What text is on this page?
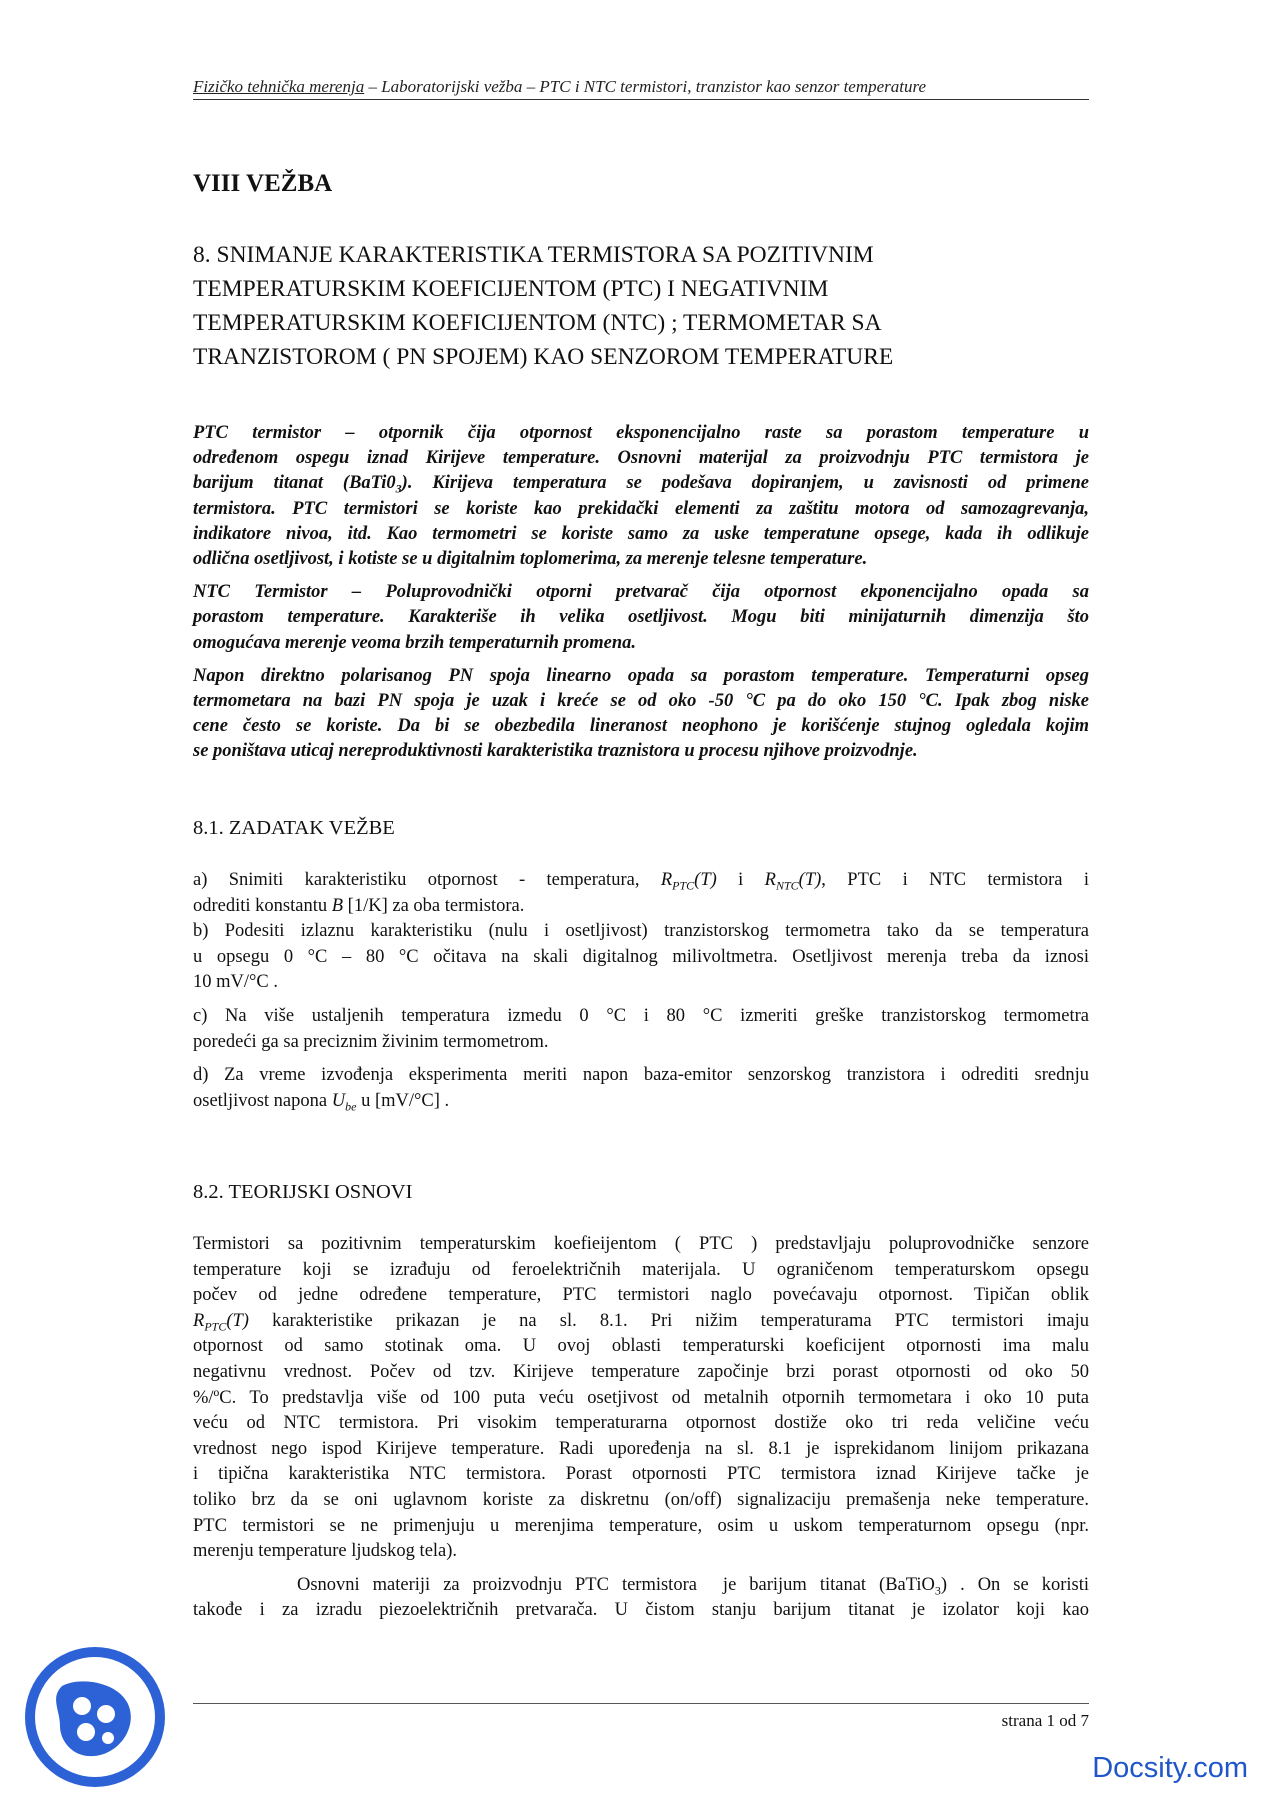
Fizičko tehnička merenja – Laboratorijski vežba – PTC i NTC termistori, tranzistor kao senzor temperature
VIII VEŽBA
8. SNIMANJE KARAKTERISTIKA TERMISTORA SA POZITIVNIM
TEMPERATURSKIM KOEFICIJENTOM (PTC) I NEGATIVNIM
TEMPERATURSKIM KOEFICIJENTOM (NTC) ; TERMOMETAR SA
TRANZISTOROM ( PN SPOJEM) KAO SENZOROM TEMPERATURE

PTC termistor – otpornik čija otpornost eksponencijalno raste sa porastom temperature u
određenom ospegu iznad Kirijeve temperature. Osnovni materijal za proizvodnju PTC termistora je
barijum titanat $(BaTi0_3)$. Kirijeva temperatura se podešava dopiranjem, u zavisnosti od primene
termistora. PTC termistori se koriste kao prekidački elementi za zaštitu motora od samozagrevanja,
indikatore nivoa, itd. Kao termometri se koriste samo za uske temperatune opsege, kada ih odlikuje
odlična osetljivost, i kotiste se u digitalnim toplomerima, za merenje telesne temperature.

NTC Termistor – Poluprovodnički otporni pretvarač čija otpornost ekponencijalno opada sa
porastom temperature. Karakteriše ih velika osetljivost. Mogu biti minijaturnih dimenzija što
omogućava merenje veoma brzih temperaturnih promena.

Napon direktno polarisanog PN spoja linearno opada sa porastom temperature. Temperaturni opseg
termometara na bazi PN spoja je uzak i kreće se od oko -50 °C pa do oko 150 °C. Ipak zbog niske
cene često se koriste. Da bi se obezbedila lineranost neophono je korišćenje stujnog ogledala kojim
se poništava uticaj nereproduktivnosti karakteristika traznistora u procesu njihove proizvodnje.

8.1. ZADATAK VEŽBE

a) Snimiti karakteristiku otpornost - temperatura, $R_{PTC}(T)$ i $R_{NTC}(T)$, PTC i NTC termistora i
odrediti konstantu B [1/K] za oba termistora.

b) Podesiti izlaznu karakteristiku (nulu i osetljivost) tranzistorskog termometra tako da se temperatura
u opsegu 0 °C – 80 °C očitava na skali digitalnog milivoltmetra. Osetljivost merenja treba da iznosi
10 mV/°C .

c) Na više ustaljenih temperatura izmedu 0 °C i 80 °C izmeriti greške tranzistorskog termometra
poredeći ga sa preciznim živinim termometrom.

d) Za vreme izvođenja eksperimenta meriti napon baza-emitor senzorskog tranzistora i odrediti srednju
osetljivost napona $U_{be}$ u [mV/°C] .

8.2. TEORIJSKI OSNOVI

Termistori sa pozitivnim temperaturskim koefieijentom ( PTC ) predstavljaju poluprovodničke senzore
temperature koji se izrađuju od feroelektričnih materijala. U ograničenom temperaturskom opsegu
počev od jedne određene temperature, PTC termistori naglo povećavaju otpornost. Tipičan oblik
$R_{PTC}(T)$ karakteristike prikazan je na sl. 8.1. Pri nižim temperaturama PTC termistori imaju
otpornost od samo stotinak oma. U ovoj oblasti temperaturski koeficijent otpornosti ima malu
negativnu vrednost. Počev od tzv. Kirijeve temperature započinje brzi porast otpornosti od oko 50
%/ºC. To predstavlja više od 100 puta veću osetjivost od metalnih otpornih termometara i oko 10 puta
veću od NTC termistora. Pri visokim temperaturarna otpornost dostiže oko tri reda veličine veću
vrednost nego ispod Kirijeve temperature. Radi upoređenja na sl. 8.1 je isprekidanom linijom prikazana
i tipična karakteristika NTC termistora. Porast otpornosti PTC termistora iznad Kirijeve tačke je
toliko brz da se oni uglavnom koriste za diskretnu (on/off) signalizaciju premašenja neke temperature.
PTC termistori se ne primenjuju u merenjima temperature, osim u uskom temperaturnom opsegu (npr.
merenju temperature ljudskog tela).

Osnovni materiji za proizvodnju PTC termistora  je barijum titanat (BaTiO$_3$) . On se koristi
takođe i za izradu piezoelektričnih pretvarača. U čistom stanju barijum titanat je izolator koji kao

strana 1 od 7
Docsity.com
